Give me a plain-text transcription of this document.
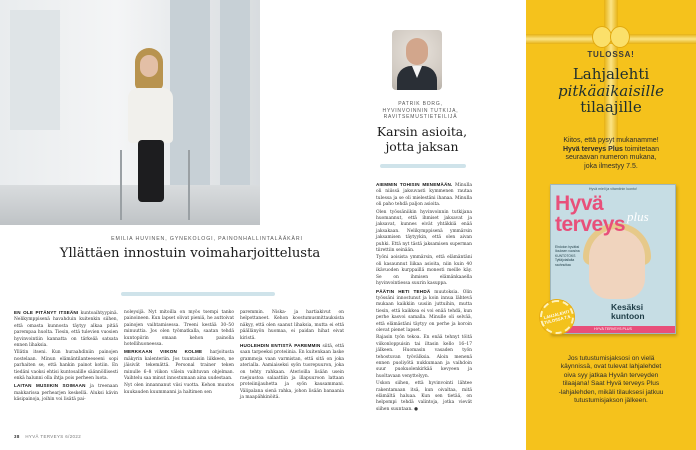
EMILIA HUVINEN, GYNEKOLOGI, PAINONHALLINTALÄÄKÄRI
Yllättäen innostuin voimaharjoittelusta
EN OLE PITÄNYT ITSEÄNI kuntoaihtyypinä. Nelikymppisenä havahduin kuitenkin siihen, että omasta kunnosta täytyy alkaa pitää parempaa huolta. Tiesin, että tulevien vuosien hyvinvointiin kannatta on tärkeää satsata ennen lihaksia.
Yllätin itseni. Kun huraahdiniin painojen nostelaan. Minun elämäntilanteeseeni sopi parhaiten se, että hankin painot kotiin. En tiedäni vaoksi ehtisi kuntosalille säännöllisesti enkä halunni olla ihtja pois perheen luota.
LAITAN MUSIIKIN SOIMAAN ja treenaan makkarissa perhearjen keskellä. Aluksi kävin käsipainoja, joihin voi lisätä pai-
noleysijä. Nyt mitoilla on myös tsempi tanko painoineen. Kun lapset olivat pieniä, he auttoivat painojen vaihtamisessa. Treeni kestää 30–50 minuuttia. Jos olen työmatkalla, saatan tehdä kuntopiirin omaan kehon painolla hotellihuoneessa.
MERKKAAN VIIKON KOLME harjoitusta mäkyrin kalenteriin. Jos tuuntaisin liikkeen, ne jäisivät tekemättä. Personal trainer teken minulle 6–8 viikon välein vaihtuvan ohjelman. Vaihtelu saa minut innostumaan aina uudestaan.
Nyt olen innannanut viisi vuotta. Kehon muutos kuukauden kuummanni ja haltimen sen
paremmin. Niska- ja hartiakivut on helpottaneet. Kehon koostumusmittauksista näkyy, että olen saanut lihaksia, mutta ei että päällänyön huomaa, ei paidan hihat eivat kiristä.
HUOLEHDIN ENTISTÄ PAREMMIN siitä, että saan tarpeeksi proteiinia. En kuitenkaan laske grammoja vaan varmistan, että sitä on joka aterialla. Aamiaiseksi syön tuorepuuron, joka on tehty rahkaan. Aterioilla lisään usein raejuustoa salaattiin ja illapuuroon lattaan proteiinijauhetta ja syön kausammani. Välipalana sienä rahka, johon lisään banaania ja maapähkinöitä.
38 HYVÄ TERVEYS 6/2022
PATRIK BORG, HYVINVOINNIN TUTKIJA, RAVITSEMUSTIETEILIJÄ
Karsin asioita, jotta jaksan
AIEMMIN TOHISIN MENEMÄÄN. Minulla oli niiissä jaksuvasti kymmenen rautaa tulessa ja se oli mielestäni ihanaa. Minulla oli paho tehdä paljon asioita.
Olen työssäniikin hyvinvoinnin tutkijana huomannut, että ihmiset jaksavat ja jaksavat, kunnes eivät yhtäkkiä enää jaksakaan. Nelikymppisenä ymmärsin jaksamisen täytyykin, että olen aivan puhki. Että nyt tästä jaksamisen superman tiirettiin seinään.
Työni aoisista ymmärsin, että elämäntäni oli kasaunnut liikaa asioita, niin kuin 40 ikävuoden kurppaillä monesti meille käy. Se on ihmisen elämänkaaella hyvinvointiessa suurin kasuppa.
PÄÄTIN HETI TEHDÄ muutoksia. Olin työssäni innostunut ja koin innua lähtevä mukaan kaikkiin uusiin juttuihin, mutta tiesin, että kaikkea ei voi enää tehdä, kun perhe kasvoi samalla. Minulle oli selvää, että elämästäni täytyy on perhe ja koroin olevat pienet lapset.
Rajasin työn tekoa. En enää tehnyt töitä viikonloppuisin tai iltasin kello 16–17 jälkeen. Huomasin vasaden työn tehostuvan työvälksia. Aloin menenä ennen puoliyötä nukkumaan ja vaihdoin suur puokuolenkirkää kevyeen ja huoltavaan venyttelyyn.
Uskon siihen, että hyvinvointi lähtee rakentamaan itsä, kun oivaltaa, mitä elämältä haluaa. Kun sen tietää, on helpompi tehdä valintoja, jotka vievät siihen suuntaan. ●
TULOSSA!
Lahjalehti
pitkäaikaisille
tilaajille
Kiitos, että pysyt mukanamme!
Hyvä terveys Plus toimitetaan
seuraavan numeron mukana,
joka ilmestyy 7.5.
Hyvä mieli ja vitamiinin luonto!
Hyvä terveys plus
Ehdoton hyväksi Ilouksen vuosina KUNTOTOKS Tyttäjotailalta rauhnuttaa
Kesäksi kuntoon
HYVÄ TERVEYS PLUS
LAHJALEHTI TULOSSA 7.5.
Jos tutustumisjaksosi on vielä
käynnissä, ovat tulevat lahjalehdet
oiva syy jatkaa Hyvän terveyden
tilaajana! Saat Hyvä terveys Plus
-lahjalehden, mikäli tilauksesi jatkuu
tutustumisjakson jälkeen.
